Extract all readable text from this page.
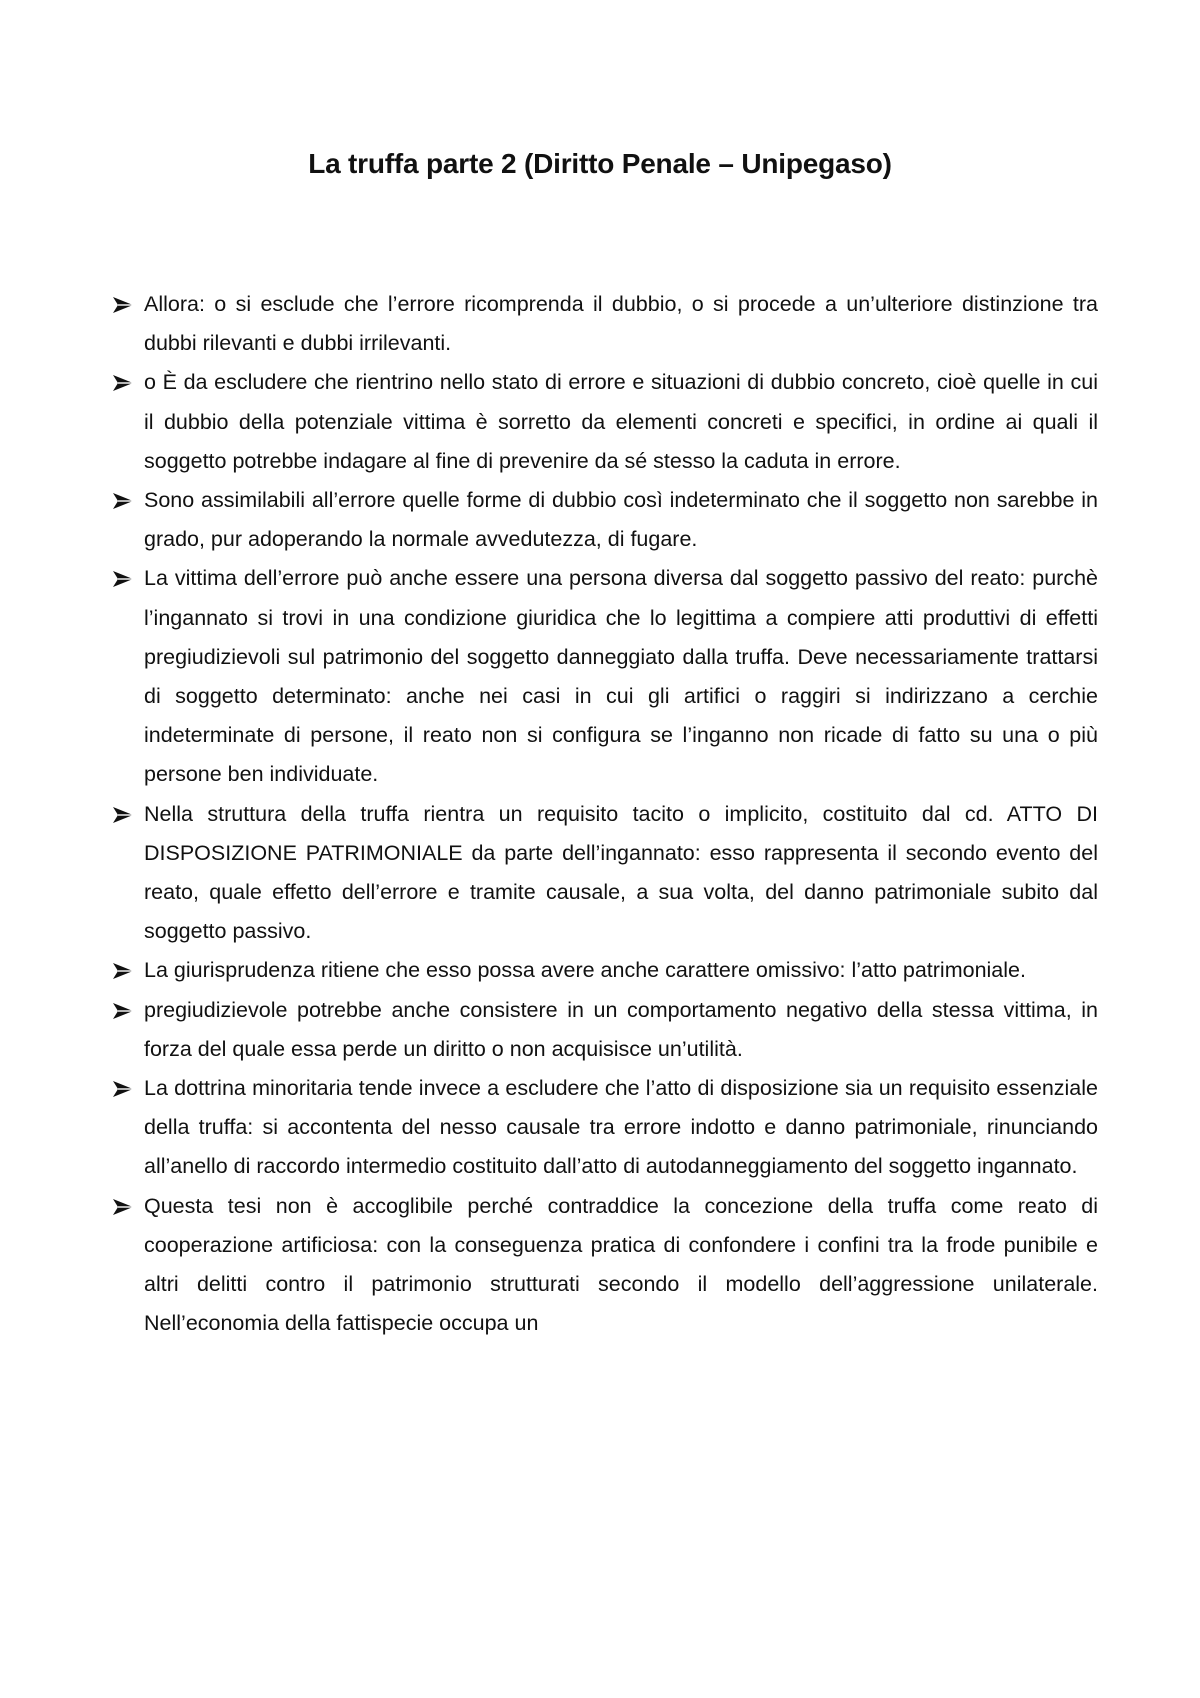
La truffa parte 2 (Diritto Penale – Unipegaso)
Allora: o si esclude che l’errore ricomprenda il dubbio, o si procede a un’ulteriore distinzione tra dubbi rilevanti e dubbi irrilevanti.
o È da escludere che rientrino nello stato di errore e situazioni di dubbio concreto, cioè quelle in cui il dubbio della potenziale vittima è sorretto da elementi concreti e specifici, in ordine ai quali il soggetto potrebbe indagare al fine di prevenire da sé stesso la caduta in errore.
Sono assimilabili all’errore quelle forme di dubbio così indeterminato che il soggetto non sarebbe in grado, pur adoperando la normale avvedutezza, di fugare.
La vittima dell’errore può anche essere una persona diversa dal soggetto passivo del reato: purchè l’ingannato si trovi in una condizione giuridica che lo legittima a compiere atti produttivi di effetti pregiudizievoli sul patrimonio del soggetto danneggiato dalla truffa. Deve necessariamente trattarsi di soggetto determinato: anche nei casi in cui gli artifici o raggiri si indirizzano a cerchie indeterminate di persone, il reato non si configura se l’inganno non ricade di fatto su una o più persone ben individuate.
Nella struttura della truffa rientra un requisito tacito o implicito, costituito dal cd. ATTO DI DISPOSIZIONE PATRIMONIALE da parte dell’ingannato: esso rappresenta il secondo evento del reato, quale effetto dell’errore e tramite causale, a sua volta, del danno patrimoniale subito dal soggetto passivo.
La giurisprudenza ritiene che esso possa avere anche carattere omissivo: l’atto patrimoniale.
pregiudizievole potrebbe anche consistere in un comportamento negativo della stessa vittima, in forza del quale essa perde un diritto o non acquisisce un’utilità.
La dottrina minoritaria tende invece a escludere che l’atto di disposizione sia un requisito essenziale della truffa: si accontenta del nesso causale tra errore indotto e danno patrimoniale, rinunciando all’anello di raccordo intermedio costituito dall’atto di autodanneggiamento del soggetto ingannato.
Questa tesi non è accoglibile perché contraddice la concezione della truffa come reato di cooperazione artificiosa: con la conseguenza pratica di confondere i confini tra la frode punibile e altri delitti contro il patrimonio strutturati secondo il modello dell’aggressione unilaterale. Nell’economia della fattispecie occupa un
